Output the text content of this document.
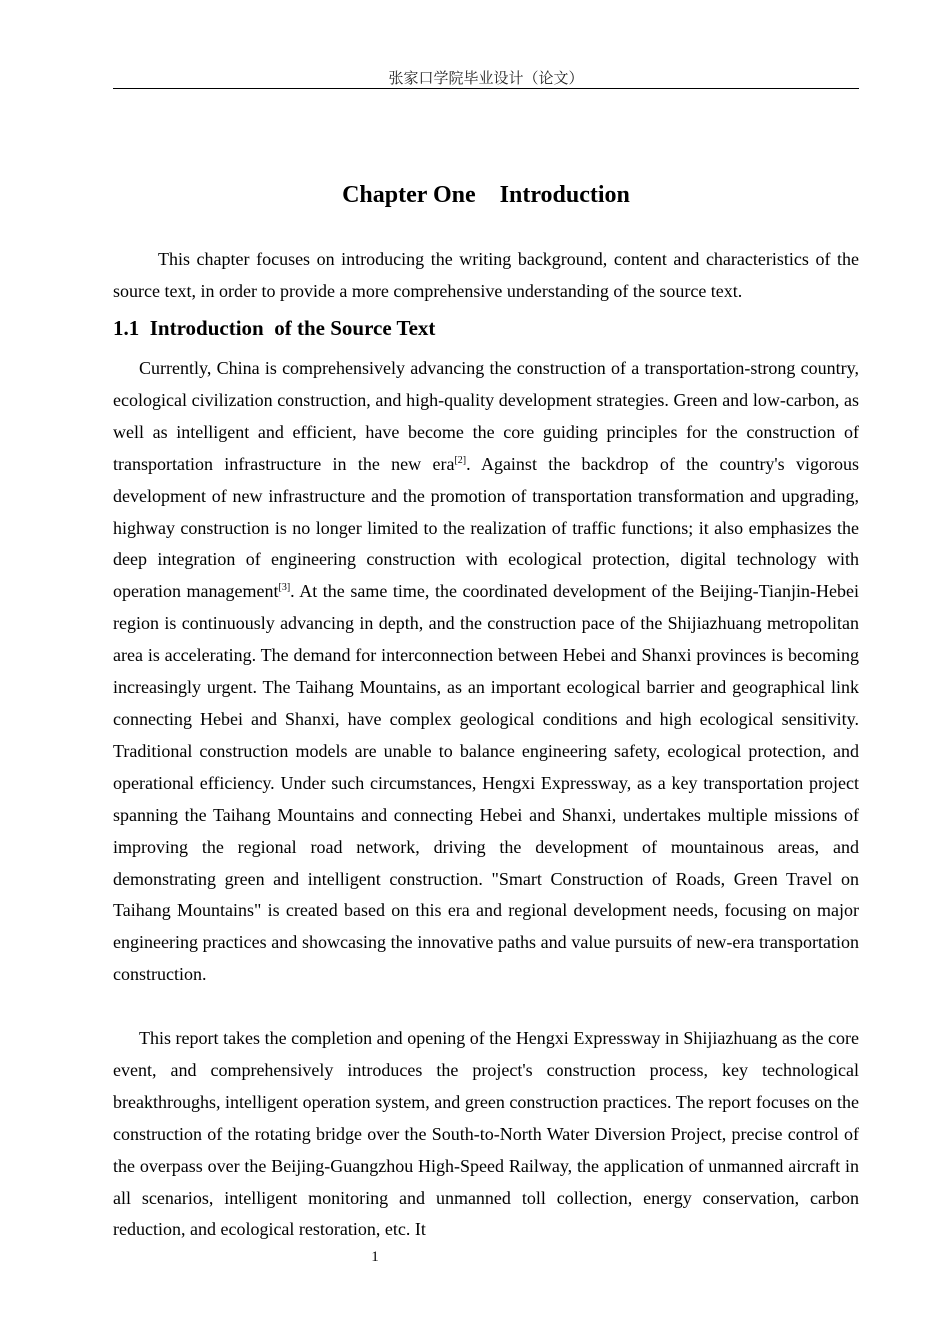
张家口学院毕业设计（论文）
Chapter One    Introduction

This chapter focuses on introducing the writing background, content and characteristics of the source text, in order to provide a more comprehensive understanding of the source text.

1.1  Introduction  of the Source Text

Currently, China is comprehensively advancing the construction of a transportation-strong country, ecological civilization construction, and high-quality development strategies. Green and low-carbon, as well as intelligent and efficient, have become the core guiding principles for the construction of transportation infrastructure in the new era[2]. Against the backdrop of the country's vigorous development of new infrastructure and the promotion of transportation transformation and upgrading, highway construction is no longer limited to the realization of traffic functions; it also emphasizes the deep integration of engineering construction with ecological protection, digital technology with operation management[3]. At the same time, the coordinated development of the Beijing-Tianjin-Hebei region is continuously advancing in depth, and the construction pace of the Shijiazhuang metropolitan area is accelerating. The demand for interconnection between Hebei and Shanxi provinces is becoming increasingly urgent. The Taihang Mountains, as an important ecological barrier and geographical link connecting Hebei and Shanxi, have complex geological conditions and high ecological sensitivity. Traditional construction models are unable to balance engineering safety, ecological protection, and operational efficiency. Under such circumstances, Hengxi Expressway, as a key transportation project spanning the Taihang Mountains and connecting Hebei and Shanxi, undertakes multiple missions of improving the regional road network, driving the development of mountainous areas, and demonstrating green and intelligent construction. "Smart Construction of Roads, Green Travel on Taihang Mountains" is created based on this era and regional development needs, focusing on major engineering practices and showcasing the innovative paths and value pursuits of new-era transportation construction.

This report takes the completion and opening of the Hengxi Expressway in Shijiazhuang as the core event, and comprehensively introduces the project's construction process, key technological breakthroughs, intelligent operation system, and green construction practices. The report focuses on the construction of the rotating bridge over the South-to-North Water Diversion Project, precise control of the overpass over the Beijing-Guangzhou High-Speed Railway, the application of unmanned aircraft in all scenarios, intelligent monitoring and unmanned toll collection, energy conservation, carbon reduction, and ecological restoration, etc. It

1
